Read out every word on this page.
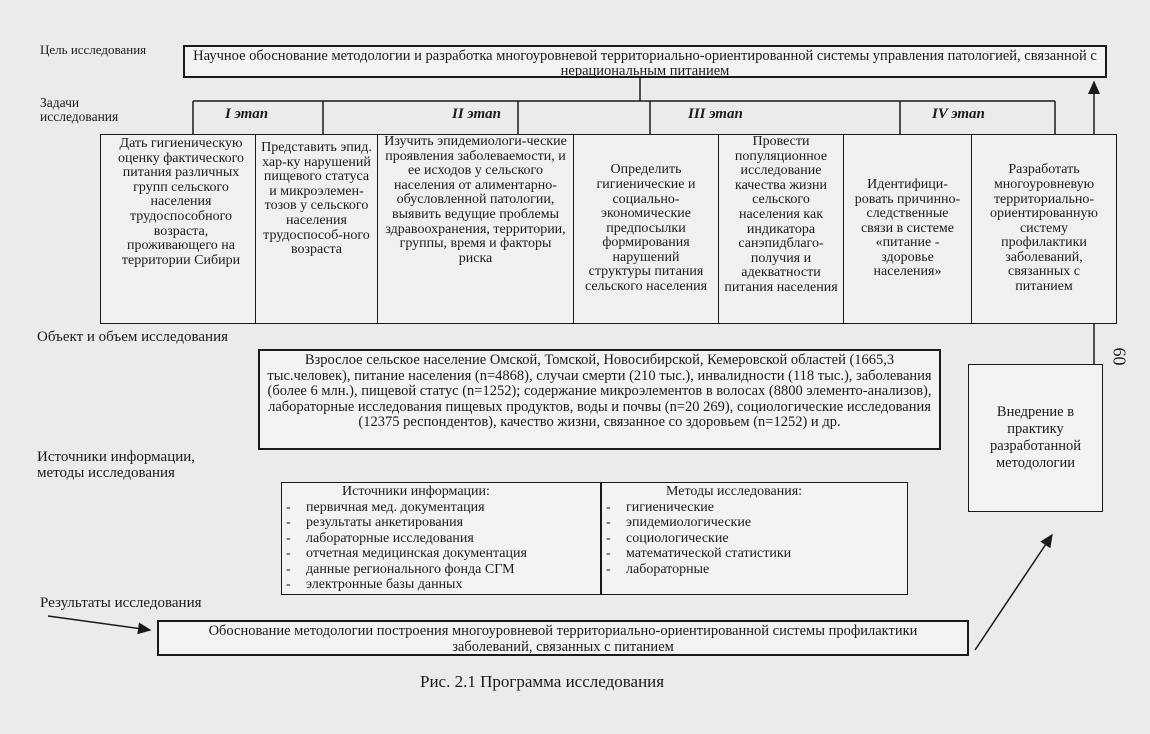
Цель исследования
Задачи исследования
Объект и объем исследования
Источники информации, методы исследования
Результаты исследования
Научное обоснование методологии и разработка многоуровневой территориально-ориентированной системы управления патологией, связанной с нерациональным питанием
I этап	II этап	III этап	IV этап
Дать гигиеническую оценку фактического питания различных групп сельского населения трудоспособного возраста, проживающего на территории Сибири
Представить эпид. хар-ку нарушений пищевого статуса и микроэлемен-тозов у сельского населения трудоспособ-ного возраста
Изучить эпидемиологи-ческие проявления заболеваемости, и ее исходов у сельского населения от алиментарно-обусловленной патологии, выявить ведущие проблемы здравоохранения, территории, группы, время и факторы риска
Определить гигиенические и социально-экономические предпосылки формирования нарушений структуры питания сельского населения
Провести популяционное исследование качества жизни сельского населения как индикатора санэпидблаго-получия и адекватности питания населения
Идентифици-ровать причинно-следственные связи в системе «питание - здоровье населения»
Разработать многоуровневую территориально-ориентированную систему профилактики заболеваний, связанных с питанием
Взрослое сельское население Омской, Томской, Новосибирской, Кемеровской областей (1665,3 тыс.человек), питание населения (n=4868), случаи смерти (210 тыс.), инвалидности (118 тыс.), заболевания (более 6 млн.), пищевой статус (n=1252); содержание микроэлементов в волосах (8800 элементо-анализов), лабораторные исследования пищевых продуктов, воды и почвы (n=20 269), социологические исследования (12375 респондентов), качество жизни, связанное со здоровьем (n=1252) и др.
Внедрение в практику разработанной методологии
60
Источники информации:
- первичная мед. документация
- результаты анкетирования
- лабораторные исследования
- отчетная медицинская документация
- данные регионального фонда СГМ
- электронные базы данных
Методы исследования:
- гигиенические
- эпидемиологические
- социологические
- математической статистики
- лабораторные
Обоснование методологии построения многоуровневой территориально-ориентированной системы профилактики заболеваний, связанных с питанием
Рис. 2.1 Программа исследования
